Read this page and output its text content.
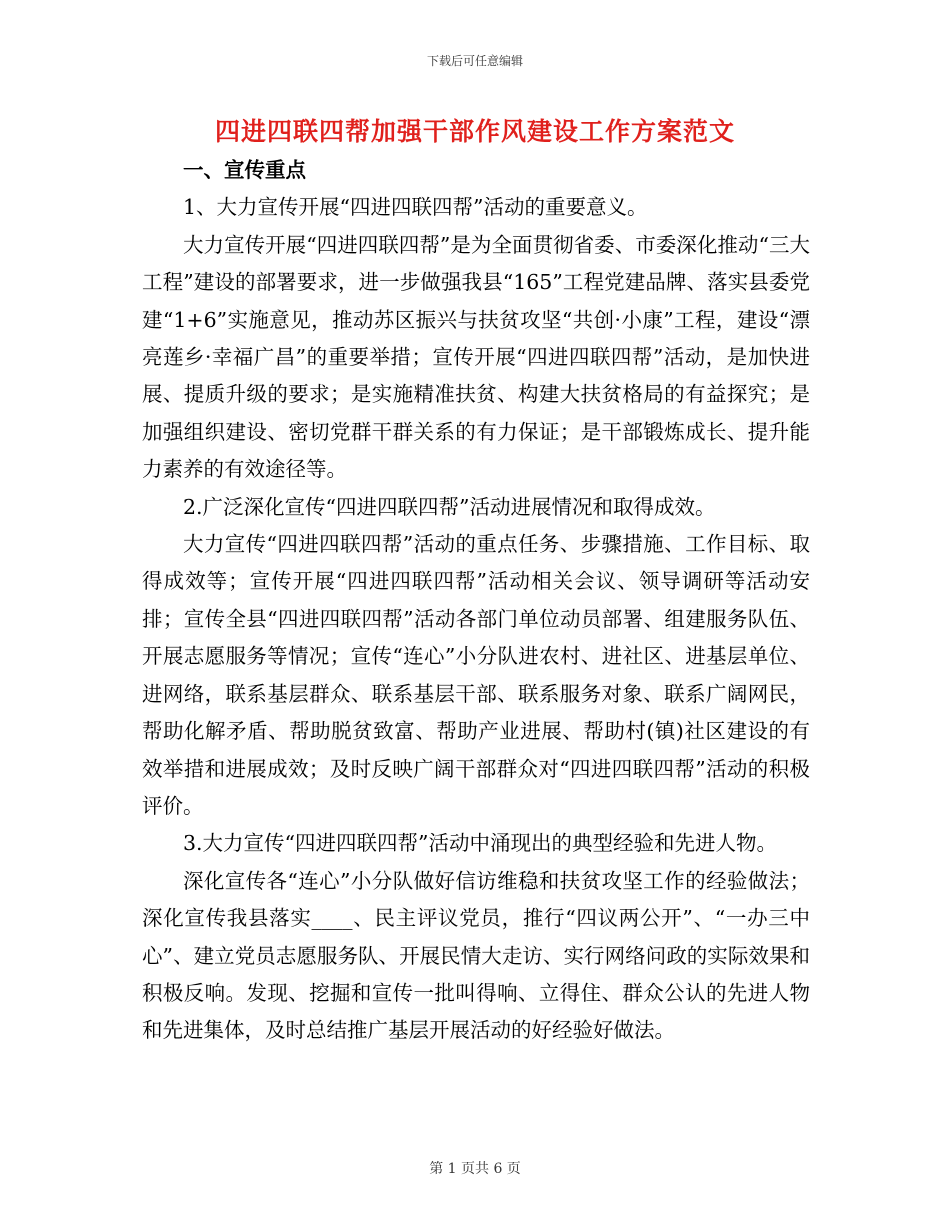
下载后可任意编辑
四进四联四帮加强干部作风建设工作方案范文

一、宣传重点

1、大力宣传开展“四进四联四帮”活动的重要意义。

大力宣传开展“四进四联四帮”是为全面贯彻省委、市委深化推动“三大工程”建设的部署要求，进一步做强我县“165”工程党建品牌、落实县委党建“1+6”实施意见，推动苏区振兴与扶贫攻坚“共创·小康”工程，建设“漂亮莲乡·幸福广昌”的重要举措；宣传开展“四进四联四帮”活动，是加快进展、提质升级的要求；是实施精准扶贫、构建大扶贫格局的有益探究；是加强组织建设、密切党群干群关系的有力保证；是干部锻炼成长、提升能力素养的有效途径等。

2.广泛深化宣传“四进四联四帮”活动进展情况和取得成效。

大力宣传“四进四联四帮”活动的重点任务、步骤措施、工作目标、取得成效等；宣传开展“四进四联四帮”活动相关会议、领导调研等活动安排；宣传全县“四进四联四帮”活动各部门单位动员部署、组建服务队伍、开展志愿服务等情况；宣传“连心”小分队进农村、进社区、进基层单位、进网络，联系基层群众、联系基层干部、联系服务对象、联系广阔网民，帮助化解矛盾、帮助脱贫致富、帮助产业进展、帮助村(镇)社区建设的有效举措和进展成效；及时反映广阔干部群众对“四进四联四帮”活动的积极评价。

3.大力宣传“四进四联四帮”活动中涌现出的典型经验和先进人物。

深化宣传各“连心”小分队做好信访维稳和扶贫攻坚工作的经验做法；深化宣传我县落实____、民主评议党员，推行“四议两公开”、“一办三中心”、建立党员志愿服务队、开展民情大走访、实行网络问政的实际效果和积极反响。发现、挖掘和宣传一批叫得响、立得住、群众公认的先进人物和先进集体，及时总结推广基层开展活动的好经验好做法。

第 1 页共 6 页
